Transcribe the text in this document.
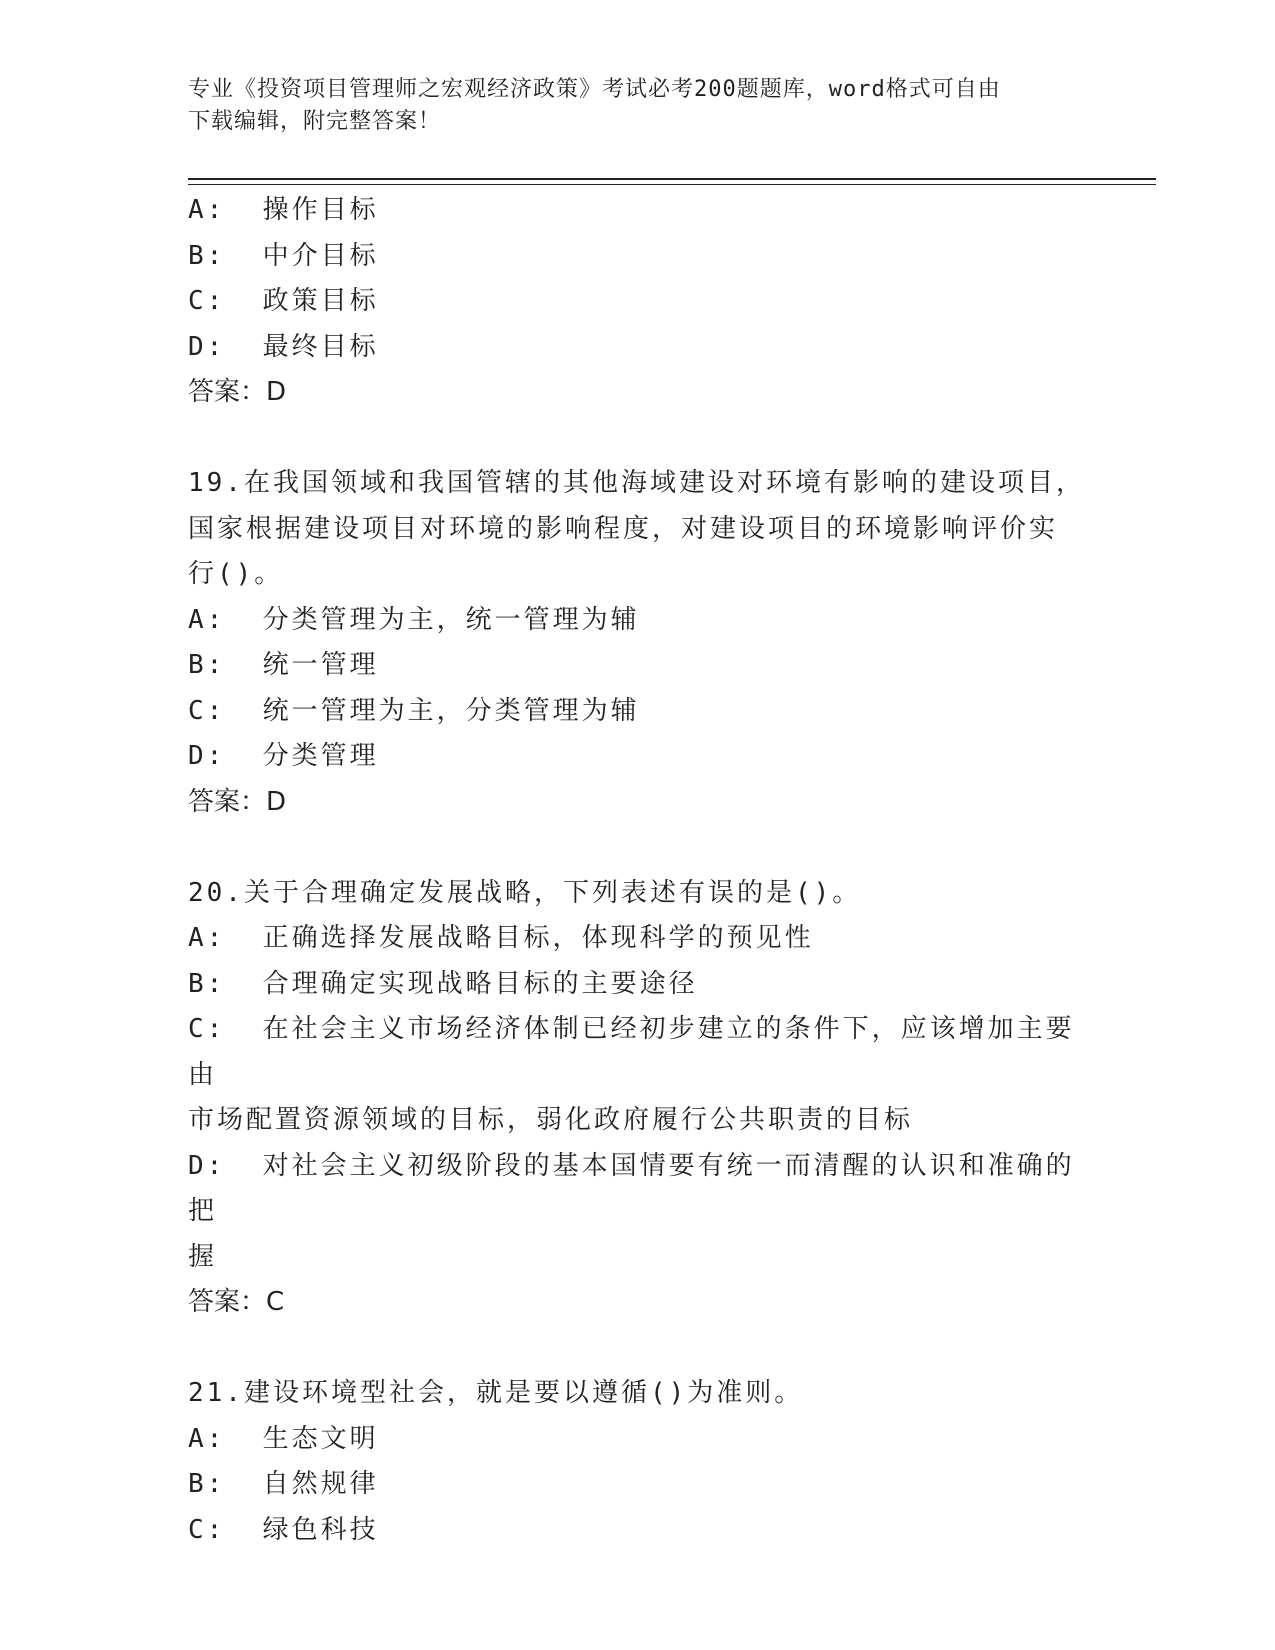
专业《投资项目管理师之宏观经济政策》考试必考200题题库，word格式可自由
下载编辑，附完整答案！
A:  操作目标
B:  中介目标
C:  政策目标
D:  最终目标
答案：D
19.在我国领域和我国管辖的其他海域建设对环境有影响的建设项目，
国家根据建设项目对环境的影响程度，对建设项目的环境影响评价实
行()。
A:  分类管理为主，统一管理为辅
B:  统一管理
C:  统一管理为主，分类管理为辅
D:  分类管理
答案：D
20.关于合理确定发展战略，下列表述有误的是()。
A:  正确选择发展战略目标，体现科学的预见性
B:  合理确定实现战略目标的主要途径
C:  在社会主义市场经济体制已经初步建立的条件下，应该增加主要由
市场配置资源领域的目标，弱化政府履行公共职责的目标
D:  对社会主义初级阶段的基本国情要有统一而清醒的认识和准确的把
握
答案：C
21.建设环境型社会，就是要以遵循()为准则。
A:  生态文明
B:  自然规律
C:  绿色科技
